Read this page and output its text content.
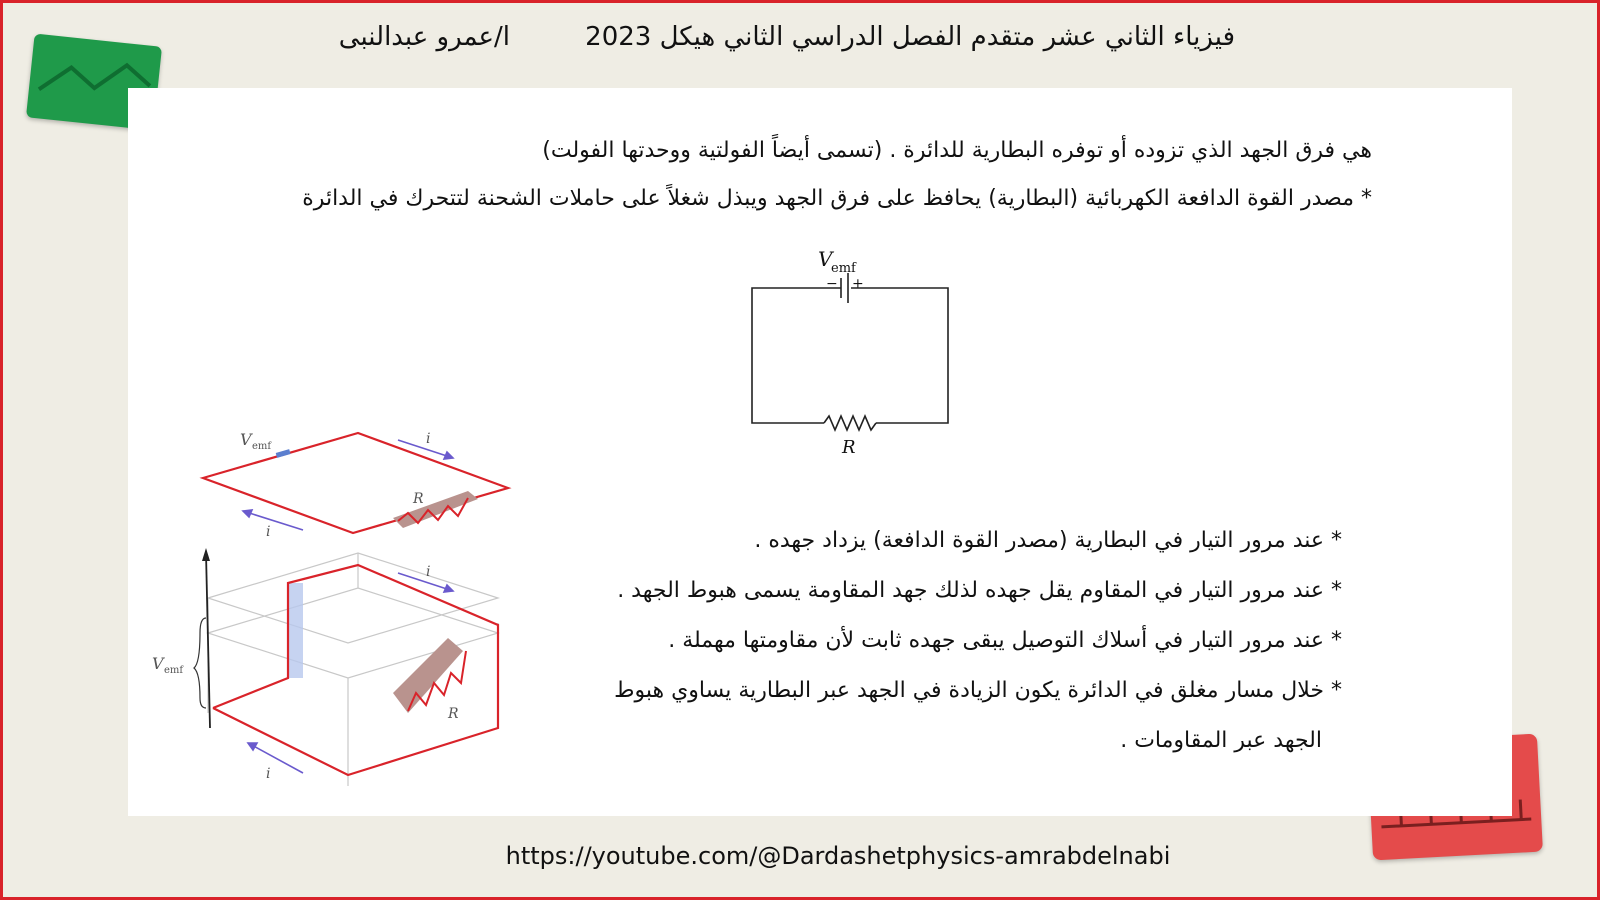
فيزياء الثاني عشر متقدم الفصل الدراسي الثاني هيكل 2023
ا/عمرو عبدالنبى
هي فرق الجهد الذي تزوده أو توفره البطارية للدائرة . (تسمى أيضاً الفولتية ووحدتها الفولت)
* مصدر القوة الدافعة الكهربائية (البطارية) يحافظ على فرق الجهد ويبذل شغلاً على حاملات الشحنة لتتحرك في الدائرة
* عند مرور التيار في البطارية (مصدر القوة الدافعة) يزداد جهده .
* عند مرور التيار في المقاوم يقل جهده لذلك جهد المقاومة يسمى هبوط الجهد .
* عند مرور التيار في أسلاك التوصيل يبقى جهده ثابت لأن مقاومتها مهملة .
* خلال مسار مغلق في الدائرة يكون الزيادة في الجهد عبر البطارية يساوي هبوط
الجهد عبر المقاومات .
V
emf
− +
R
V emf
R
i
i
V emf
R
i
i
https://youtube.com/@Dardashetphysics-amrabdelnabi
